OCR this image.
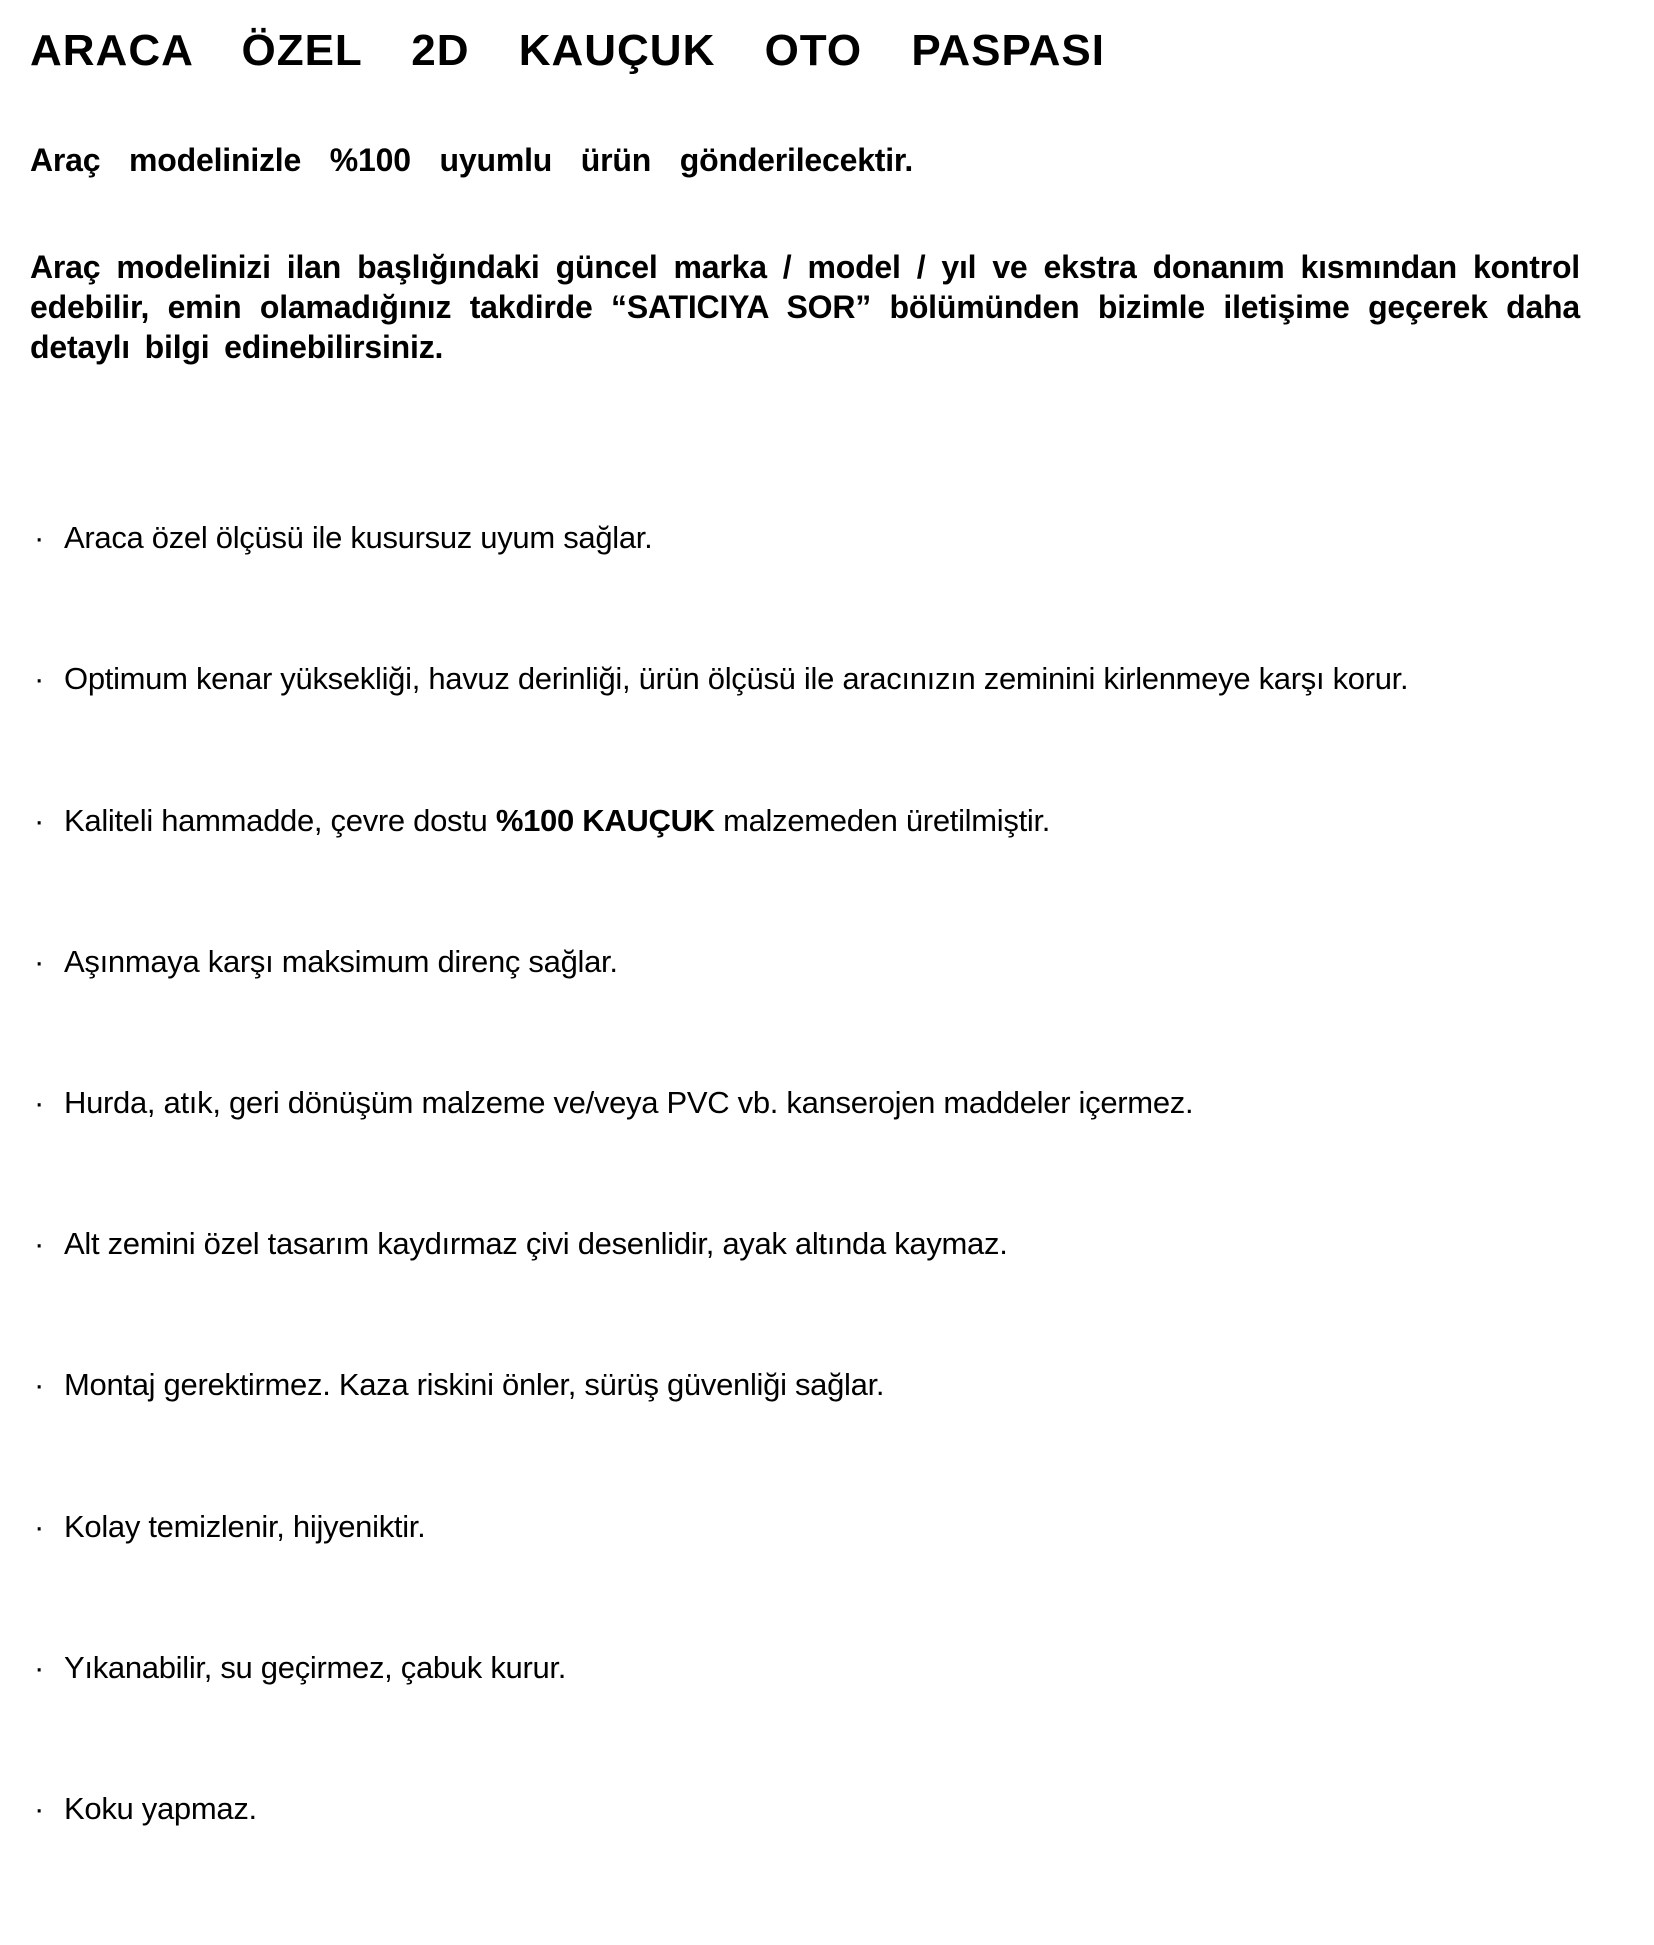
ARACA ÖZEL 2D KAUÇUK OTO PASPASI

Araç modelinizle %100 uyumlu ürün gönderilecektir.

Araç modelinizi ilan başlığındaki güncel marka / model / yıl ve ekstra donanım kısmından kontrol edebilir, emin olamadığınız takdirde “SATICIYA SOR” bölümünden bizimle iletişime geçerek daha detaylı bilgi edinebilirsiniz.

· Araca özel ölçüsü ile kusursuz uyum sağlar.
· Optimum kenar yüksekliği, havuz derinliği, ürün ölçüsü ile aracınızın zeminini kirlenmeye karşı korur.
· Kaliteli hammadde, çevre dostu %100 KAUÇUK malzemeden üretilmiştir.
· Aşınmaya karşı maksimum direnç sağlar.
· Hurda, atık, geri dönüşüm malzeme ve/veya PVC vb. kanserojen maddeler içermez.
· Alt zemini özel tasarım kaydırmaz çivi desenlidir, ayak altında kaymaz.
· Montaj gerektirmez. Kaza riskini önler, sürüş güvenliği sağlar.
· Kolay temizlenir, hijyeniktir.
· Yıkanabilir, su geçirmez, çabuk kurur.
· Koku yapmaz.
